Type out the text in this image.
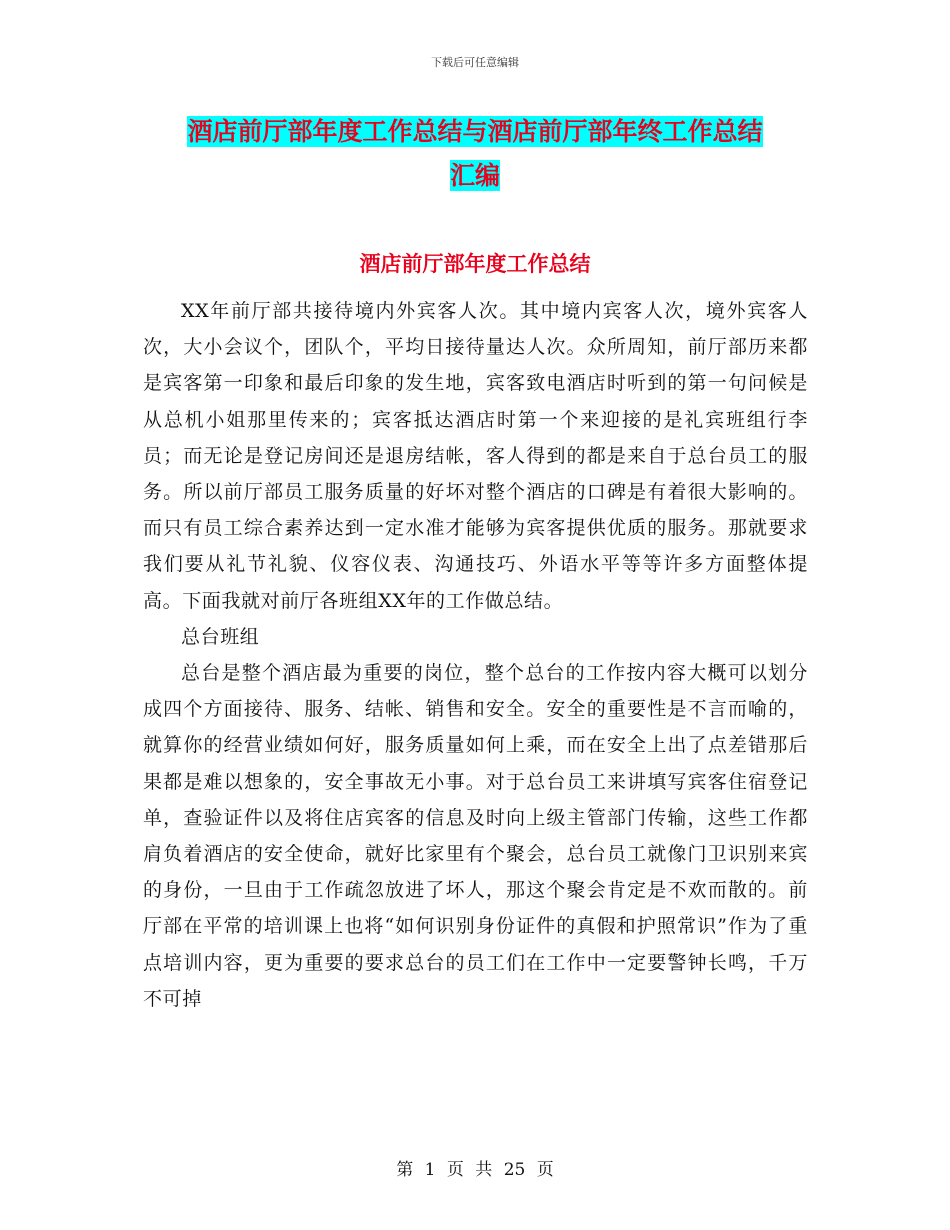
下载后可任意编辑
酒店前厅部年度工作总结与酒店前厅部年终工作总结
汇编
酒店前厅部年度工作总结

XX年前厅部共接待境内外宾客人次。其中境内宾客人次，境外宾客人次，大小会议个，团队个，平均日接待量达人次。众所周知，前厅部历来都是宾客第一印象和最后印象的发生地，宾客致电酒店时听到的第一句问候是从总机小姐那里传来的；宾客抵达酒店时第一个来迎接的是礼宾班组行李员；而无论是登记房间还是退房结帐，客人得到的都是来自于总台员工的服务。所以前厅部员工服务质量的好坏对整个酒店的口碑是有着很大影响的。而只有员工综合素养达到一定水准才能够为宾客提供优质的服务。那就要求我们要从礼节礼貌、仪容仪表、沟通技巧、外语水平等等许多方面整体提高。下面我就对前厅各班组XX年的工作做总结。

总台班组

总台是整个酒店最为重要的岗位，整个总台的工作按内容大概可以划分成四个方面接待、服务、结帐、销售和安全。安全的重要性是不言而喻的，就算你的经营业绩如何好，服务质量如何上乘，而在安全上出了点差错那后果都是难以想象的，安全事故无小事。对于总台员工来讲填写宾客住宿登记单，查验证件以及将住店宾客的信息及时向上级主管部门传输，这些工作都肩负着酒店的安全使命，就好比家里有个聚会，总台员工就像门卫识别来宾的身份，一旦由于工作疏忽放进了坏人，那这个聚会肯定是不欢而散的。前厅部在平常的培训课上也将“如何识别身份证件的真假和护照常识”作为了重点培训内容，更为重要的要求总台的员工们在工作中一定要警钟长鸣，千万不可掉

第 1 页 共 25 页
